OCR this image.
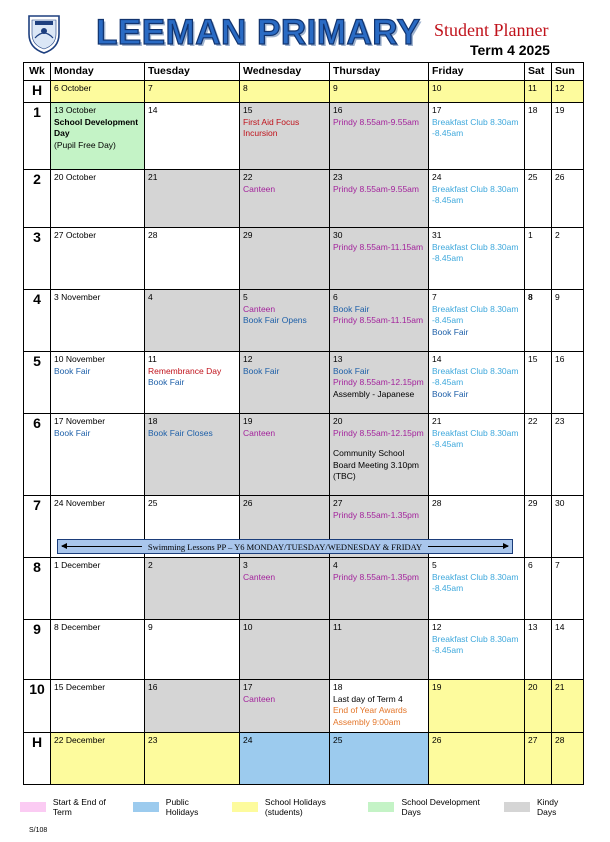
LEEMAN PRIMARY Student Planner
Term 4 2025
Wk	Monday	Tuesday	Wednesday	Thursday	Friday	Sat	Sun
H	6 October	7	8	9	10	11	12

1	13 October
School Development Day
(Pupil Free Day)	14	15
First Aid Focus Incursion	16
Prindy 8.55am-9.55am	17
Breakfast Club 8.30am -8.45am	18	19

2	20 October	21	22
Canteen	23
Prindy 8.55am-9.55am	24
Breakfast Club 8.30am -8.45am	25	26

3	27 October	28	29	30
Prindy 8.55am-11.15am	31
Breakfast Club 8.30am -8.45am	1	2

4	3 November	4	5
Canteen
Book Fair Opens	6
Book Fair
Prindy 8.55am-11.15am	7
Breakfast Club 8.30am -8.45am
Book Fair	8	9

5	10 November
Book Fair	11
Remembrance Day
Book Fair	12
Book Fair	13
Book Fair
Prindy 8.55am-12.15pm
Assembly - Japanese	14
Breakfast Club 8.30am -8.45am
Book Fair	15	16

6	17 November
Book Fair	18
Book Fair Closes	19
Canteen	20
Prindy 8.55am-12.15pm
Community School Board Meeting 3.10pm (TBC)	21
Breakfast Club 8.30am -8.45am	22	23

7	24 November	25	26	27
Prindy 8.55am-1.35pm	28	29	30

8	1 December	2	3
Canteen	4
Prindy 8.55am-1.35pm	5
Breakfast Club 8.30am -8.45am	6	7

9	8 December	9	10	11	12
Breakfast Club 8.30am -8.45am	13	14

10	15 December	16	17
Canteen	18
Last day of Term 4
End of Year Awards Assembly 9:00am	19	20	21

H	22 December	23	24	25	26	27	28
Swimming Lessons PP – Y6 MONDAY/TUESDAY/WEDNESDAY & FRIDAY
Start & End of Term
Public Holidays
School Holidays (students)
School Development Days
Kindy Days
S/108
